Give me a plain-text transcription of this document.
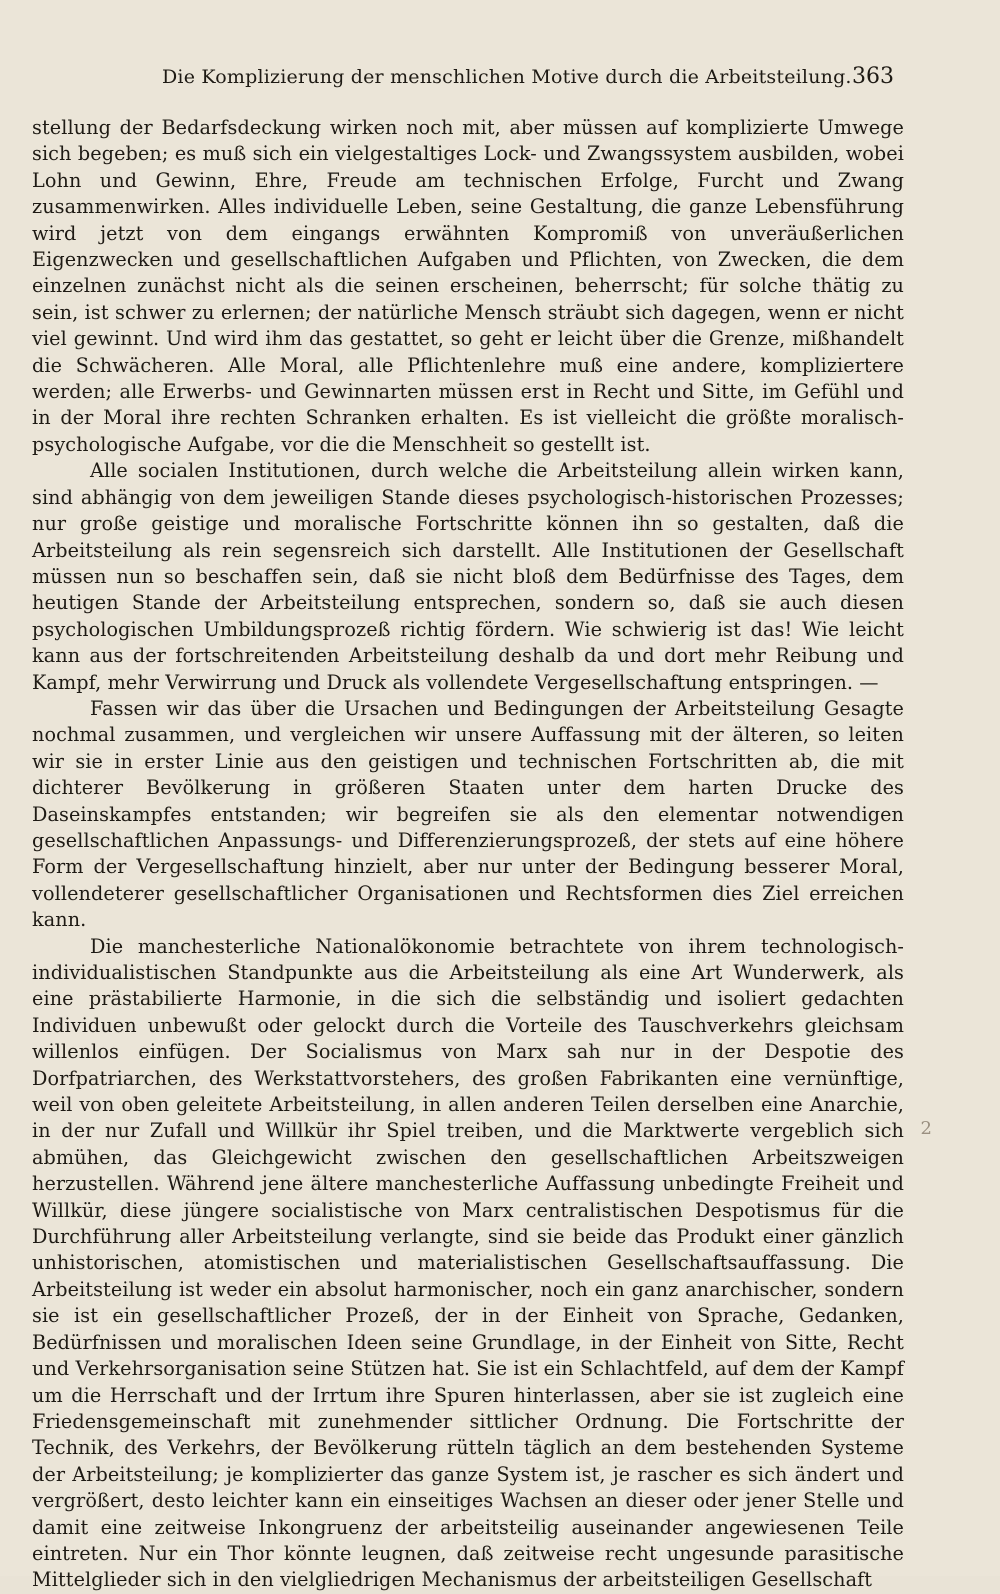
Die Komplizierung der menschlichen Motive durch die Arbeitsteilung. 363

stellung der Bedarfsdeckung wirken noch mit, aber müssen auf komplizierte Umwege sich begeben; es muß sich ein vielgestaltiges Lock- und Zwangssystem ausbilden, wobei Lohn und Gewinn, Ehre, Freude am technischen Erfolge, Furcht und Zwang zusammenwirken. Alles individuelle Leben, seine Gestaltung, die ganze Lebensführung wird jetzt von dem eingangs erwähnten Kompromiß von unveräußerlichen Eigenzwecken und gesellschaftlichen Aufgaben und Pflichten, von Zwecken, die dem einzelnen zunächst nicht als die seinen erscheinen, beherrscht; für solche thätig zu sein, ist schwer zu erlernen; der natürliche Mensch sträubt sich dagegen, wenn er nicht viel gewinnt. Und wird ihm das gestattet, so geht er leicht über die Grenze, mißhandelt die Schwächeren. Alle Moral, alle Pflichtenlehre muß eine andere, kompliziertere werden; alle Erwerbs- und Gewinnarten müssen erst in Recht und Sitte, im Gefühl und in der Moral ihre rechten Schranken erhalten. Es ist vielleicht die größte moralisch-psychologische Aufgabe, vor die die Menschheit so gestellt ist.

Alle socialen Institutionen, durch welche die Arbeitsteilung allein wirken kann, sind abhängig von dem jeweiligen Stande dieses psychologisch-historischen Prozesses; nur große geistige und moralische Fortschritte können ihn so gestalten, daß die Arbeitsteilung als rein segensreich sich darstellt. Alle Institutionen der Gesellschaft müssen nun so beschaffen sein, daß sie nicht bloß dem Bedürfnisse des Tages, dem heutigen Stande der Arbeitsteilung entsprechen, sondern so, daß sie auch diesen psychologischen Umbildungsprozeß richtig fördern. Wie schwierig ist das! Wie leicht kann aus der fortschreitenden Arbeitsteilung deshalb da und dort mehr Reibung und Kampf, mehr Verwirrung und Druck als vollendete Vergesellschaftung entspringen. —

Fassen wir das über die Ursachen und Bedingungen der Arbeitsteilung Gesagte nochmal zusammen, und vergleichen wir unsere Auffassung mit der älteren, so leiten wir sie in erster Linie aus den geistigen und technischen Fortschritten ab, die mit dichterer Bevölkerung in größeren Staaten unter dem harten Drucke des Daseinskampfes entstanden; wir begreifen sie als den elementar notwendigen gesellschaftlichen Anpassungs- und Differenzierungsprozeß, der stets auf eine höhere Form der Vergesellschaftung hinzielt, aber nur unter der Bedingung besserer Moral, vollendeterer gesellschaftlicher Organisationen und Rechtsformen dies Ziel erreichen kann.

Die manchesterliche Nationalökonomie betrachtete von ihrem technologisch-individualistischen Standpunkte aus die Arbeitsteilung als eine Art Wunderwerk, als eine prästabilierte Harmonie, in die sich die selbständig und isoliert gedachten Individuen unbewußt oder gelockt durch die Vorteile des Tauschverkehrs gleichsam willenlos einfügen. Der Socialismus von Marx sah nur in der Despotie des Dorfpatriarchen, des Werkstattvorstehers, des großen Fabrikanten eine vernünftige, weil von oben geleitete Arbeitsteilung, in allen anderen Teilen derselben eine Anarchie, in der nur Zufall und Willkür ihr Spiel treiben, und die Marktwerte vergeblich sich abmühen, das Gleichgewicht zwischen den gesellschaftlichen Arbeitszweigen herzustellen. Während jene ältere manchesterliche Auffassung unbedingte Freiheit und Willkür, diese jüngere socialistische von Marx centralistischen Despotismus für die Durchführung aller Arbeitsteilung verlangte, sind sie beide das Produkt einer gänzlich unhistorischen, atomistischen und materialistischen Gesellschaftsauffassung. Die Arbeitsteilung ist weder ein absolut harmonischer, noch ein ganz anarchischer, sondern sie ist ein gesellschaftlicher Prozeß, der in der Einheit von Sprache, Gedanken, Bedürfnissen und moralischen Ideen seine Grundlage, in der Einheit von Sitte, Recht und Verkehrsorganisation seine Stützen hat. Sie ist ein Schlachtfeld, auf dem der Kampf um die Herrschaft und der Irrtum ihre Spuren hinterlassen, aber sie ist zugleich eine Friedensgemeinschaft mit zunehmender sittlicher Ordnung. Die Fortschritte der Technik, des Verkehrs, der Bevölkerung rütteln täglich an dem bestehenden Systeme der Arbeitsteilung; je komplizierter das ganze System ist, je rascher es sich ändert und vergrößert, desto leichter kann ein einseitiges Wachsen an dieser oder jener Stelle und damit eine zeitweise Inkongruenz der arbeitsteilig auseinander angewiesenen Teile eintreten. Nur ein Thor könnte leugnen, daß zeitweise recht ungesunde parasitische Mittelglieder sich in den vielgliedrigen Mechanismus der arbeitsteiligen Gesellschaft

2
